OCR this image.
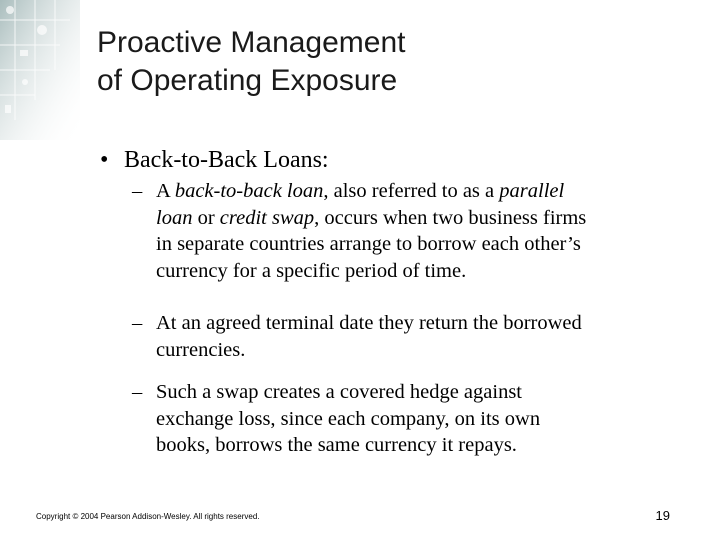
Proactive Management
of Operating Exposure
• Back-to-Back Loans:
– A back-to-back loan, also referred to as a parallel
loan or credit swap, occurs when two business firms
in separate countries arrange to borrow each other’s
currency for a specific period of time.
– At an agreed terminal date they return the borrowed
currencies.
– Such a swap creates a covered hedge against
exchange loss, since each company, on its own
books, borrows the same currency it repays.
Copyright © 2004 Pearson Addison-Wesley. All rights reserved.	19
